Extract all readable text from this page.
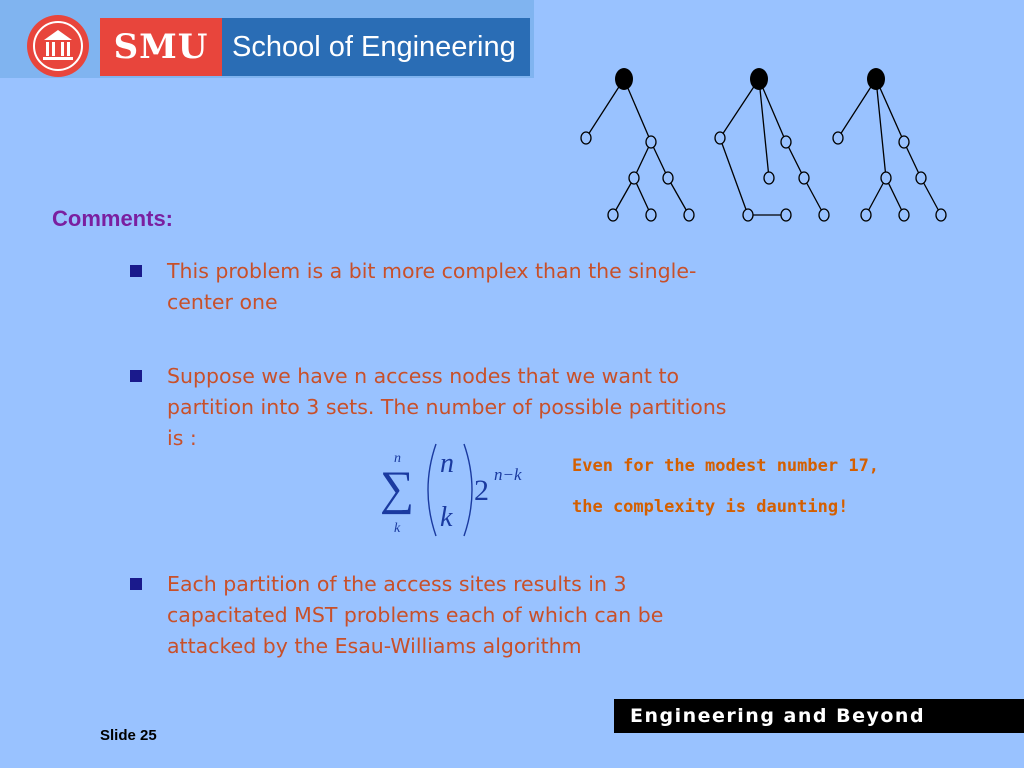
SMU School of Engineering
Comments:
This problem is a bit more complex than the single-
center one
Suppose we have n access nodes that we want to
partition into 3 sets. The number of possible partitions
is :
n
∑
k
n
k
2 n−k	Even for the modest number 17,
the complexity is daunting!
Each partition of the access sites results in 3
capacitated MST problems each of which can be
attacked by the Esau-Williams algorithm
Engineering and Beyond
Slide 25
